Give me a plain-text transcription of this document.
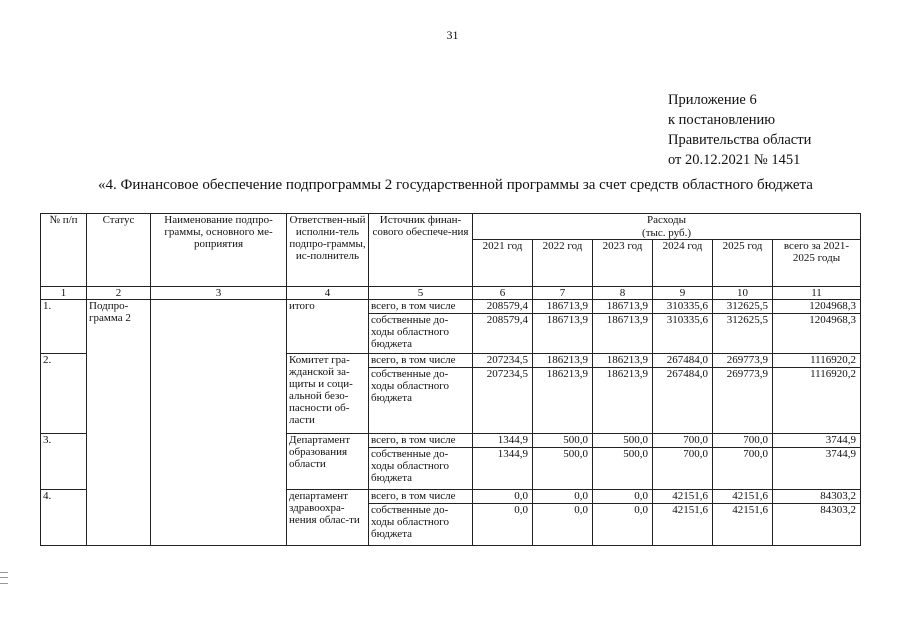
31
Приложение 6
к постановлению
Правительства области
от 20.12.2021 № 1451
«4. Финансовое обеспечение подпрограммы 2 государственной программы за счет средств областного бюджета
№ п/п	Статус	Наименование подпро-граммы, основного ме-роприятия	Ответствен-ный исполни-тель подпро-граммы, ис-полнитель	Источник финан-сового обеспече-ния	Расходы					
					(тыс. руб.)					
					2021 год	2022 год	2023 год	2024 год	2025 год	всего за 2021-2025 годы
1	2	3	4	5	6	7	8	9	10	11
1.	Подпро-грамма 2		итого	всего, в том числе	208579,4	186713,9	186713,9	310335,6	312625,5	1204968,3
				собственные до-ходы областного бюджета	208579,4	186713,9	186713,9	310335,6	312625,5	1204968,3
2.			Комитет гра-жданской за-щиты и соци-альной безо-пасности об-ласти	всего, в том числе	207234,5	186213,9	186213,9	267484,0	269773,9	1116920,2
				собственные до-ходы областного бюджета	207234,5	186213,9	186213,9	267484,0	269773,9	1116920,2
3.			Департамент образования области	всего, в том числе	1344,9	500,0	500,0	700,0	700,0	3744,9
				собственные до-ходы областного бюджета	1344,9	500,0	500,0	700,0	700,0	3744,9
4.			департамент здравоохра-нения облас-ти	всего, в том числе	0,0	0,0	0,0	42151,6	42151,6	84303,2
				собственные до-ходы областного бюджета	0,0	0,0	0,0	42151,6	42151,6	84303,2
